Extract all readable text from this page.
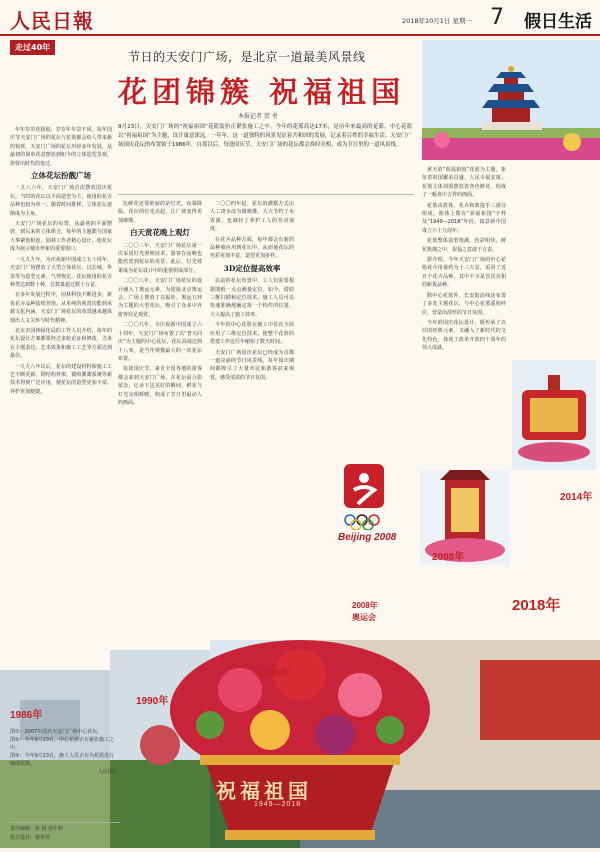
人民日報	2018年10月1日 星期一 7 假日生活
走过40年
节日的天安门广场，是北京一道最美风景线
花团锦簇 祝福祖国
本报记者 贺 勇
9月23日，天安门广场的“祝福祖国”花篮装扮正紧张施工之中。今年的花篮高达17米，是历年来最高的花篮。中心花篮以“祝福祖国”为主题，设计寓意深远。一年年，这一道独特的风景见证着共和国的发展，记录着百姓的幸福生活。天安门广场国庆花坛的布置始于1986年，自那以后，每逢国庆节，天安门广场的花坛都会准时亮相，成为节日里的一道风景线。

年年岁岁花相似，岁岁年年景不同。每年国庆节天安门广场的花坛与花篮都会给人带来新的惊喜。天安门广场的花坛历经多年发展，从最初的简单花盆摆放到如今的立体造型景观，折射出时代的变迁。

立体花坛扮靓广场

一九八六年，天安门广场首次摆放国庆花坛。当时的花坛以平面造型为主，使用的花卉品种也较为单一。随着时间推移，立体花坛逐渐成为主角。

天安门广场花坛的布置，从最初的平面摆放，到后来的立体组合，每年的主题都与国家大事紧密相连。园林工作者精心设计，使花坛成为展示城市形象的重要窗口。

一九九九年，为庆祝新中国成立五十周年，天安门广场摆放了大型立体花坛，以长城、华表等为造型元素，气势恢宏。花坛使用的花卉种类达到数十种，总数量超过数十万盆。

在多年发展过程中，园林科技不断进步，新优花卉品种陆续登场。从单纯的观赏功能到承载文化内涵，天安门广场花坛的布置越来越体现出人文关怀与时代精神。

北京市园林绿化局的工作人员介绍，每年的花坛设计方案都要经过多轮论证和修改，力求在主题表达、艺术效果和施工工艺等方面达到最佳。

一九九八年以后，花坛的建设材料和施工工艺不断更新，钢结构骨架、微喷灌溉系统等新技术得到广泛应用，使花坛的造型更加丰富、养护更加便捷。

比鲜花还要艳丽的是灯光。夜幕降临，花坛的灯光亮起，让广场变得更加璀璨。

白天赏花晚上观灯

二〇〇三年，天安门广场花坛第一次采用灯光照明技术，游客在夜晚也能欣赏到花坛的美景。此后，灯光效果成为花坛设计中的重要组成部分。

二〇〇八年，天安门广场花坛的设计融入了奥运元素，为迎接北京奥运会，广场上摆放了以福娃、奥运五环为主题的大型花坛，吸引了众多中外游客驻足观赏。

二〇〇九年，为庆祝新中国成立六十周年，天安门广场布置了以“普天同庆”为主题的中心花坛，花坛高度达到十八米，是当年规模最大的一次花坛布置。

每逢国庆节，来自全国各地的游客都会来到天安门广场，在花坛前合影留念，记录下这美好的瞬间。鲜花与灯光交相辉映，构成了节日里最动人的画面。

二〇〇四年起，花坛的灌溉方式由人工浇水改为微喷灌，大大节约了水资源，也减轻了养护工人的劳动强度。

在花卉品种方面，每年都会有新的品种被应用到花坛中，从而使花坛的色彩更加丰富，造型更加多样。

3D定位提高效率

以前的花坛布置中，工人们需要根据图纸一点点测量定位。如今，借助三维扫描和定位技术，施工人员可以快速准确地确定每一个构件的位置，大大提高了施工效率。

今年的中心花篮在施工中首次全面应用了三维定位技术，使整个花篮的搭建工作比往年缩短了数天时间。

天安门广场国庆花坛已经成为首都一道亮丽的节日风景线，每年国庆期间都吸引了大量市民和游客前来观赏，感受浓浓的节日氛围。

黄天的“祝福祖国”花篮为主题，象征着祖国繁荣昌盛、人民幸福安康。花篮主体周围摆放着各色鲜花，构成了一幅喜庆吉祥的画面。

花篮由篮体、花卉和篮提手三部分组成，篮体上饰有“祝福祖国”字样及“1949—2018”年份，寓意新中国成立六十九周年。

花篮整体造型饱满，色彩明快，鲜花簇拥之中，祝福之意溢于言表。

据介绍，今年天安门广场的中心花篮花卉用量约为十三万盆，采用了近百个花卉品种，其中不少是首次亮相的新优品种。

除中心花篮外，长安街沿线还布置了多处主题花坛，与中心花篮遥相呼应，营造出浓厚的节日氛围。

今年的国庆花坛设计，既传承了以往的经典元素，又融入了新时代的文化特色，体现了改革开放四十周年的伟大成就。

Beijing 2008
祝福祖国
1949—2018
1986年
1990年
1998年
2008年
2008年
奥运会
2014年
2018年
图①：2007年国庆天安门广场中心花坛。
图②：今年9月23日，中心花篮正在紧张施工之中。
图③：今年9月23日，施工人员正在为花篮进行细部装饰。
人民图片
责任编辑：张 扬 唐中科
版式设计：蔡华伟
